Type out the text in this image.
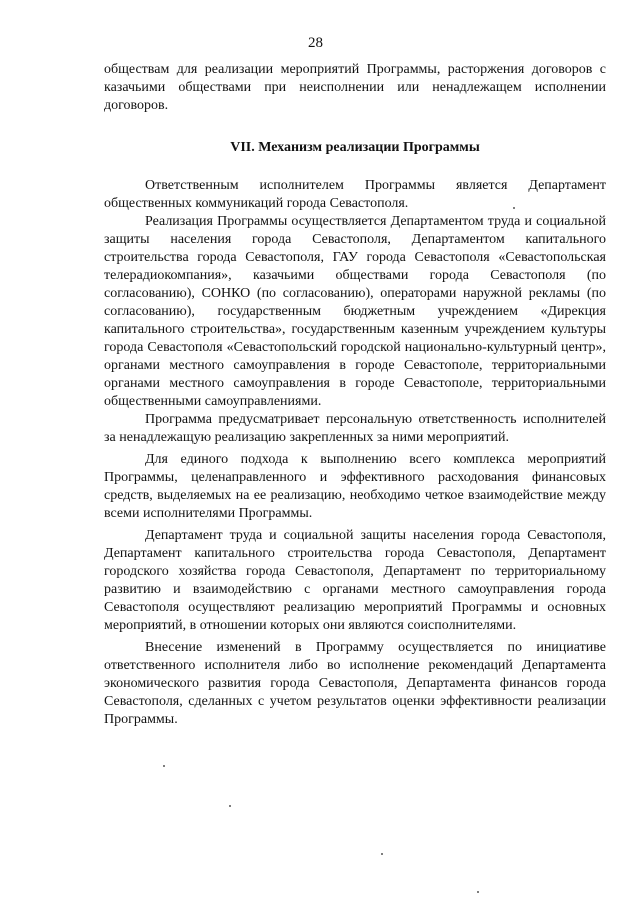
28

обществам для реализации мероприятий Программы, расторжения договоров с казачьими обществами при неисполнении или ненадлежащем исполнении договоров.

VII. Механизм реализации Программы

Ответственным исполнителем Программы является Департамент общественных коммуникаций города Севастополя.

Реализация Программы осуществляется Департаментом труда и социальной защиты населения города Севастополя, Департаментом капитального строительства города Севастополя, ГАУ города Севастополя «Севастопольская телерадиокомпания», казачьими обществами города Севастополя (по согласованию), СОНКО (по согласованию), операторами наружной рекламы (по согласованию), государственным бюджетным учреждением «Дирекция капитального строительства», государственным казенным учреждением культуры города Севастополя «Севастопольский городской национально-культурный центр», органами местного самоуправления в городе Севастополе, территориальными органами местного самоуправления в городе Севастополе, территориальными общественными самоуправлениями.

Программа предусматривает персональную ответственность исполнителей за ненадлежащую реализацию закрепленных за ними мероприятий.

Для единого подхода к выполнению всего комплекса мероприятий Программы, целенаправленного и эффективного расходования финансовых средств, выделяемых на ее реализацию, необходимо четкое взаимодействие между всеми исполнителями Программы.

Департамент труда и социальной защиты населения города Севастополя, Департамент капитального строительства города Севастополя, Департамент городского хозяйства города Севастополя, Департамент по территориальному развитию и взаимодействию с органами местного самоуправления города Севастополя осуществляют реализацию мероприятий Программы и основных мероприятий, в отношении которых они являются соисполнителями.

Внесение изменений в Программу осуществляется по инициативе ответственного исполнителя либо во исполнение рекомендаций Департамента экономического развития города Севастополя, Департамента финансов города Севастополя, сделанных с учетом результатов оценки эффективности реализации Программы.
